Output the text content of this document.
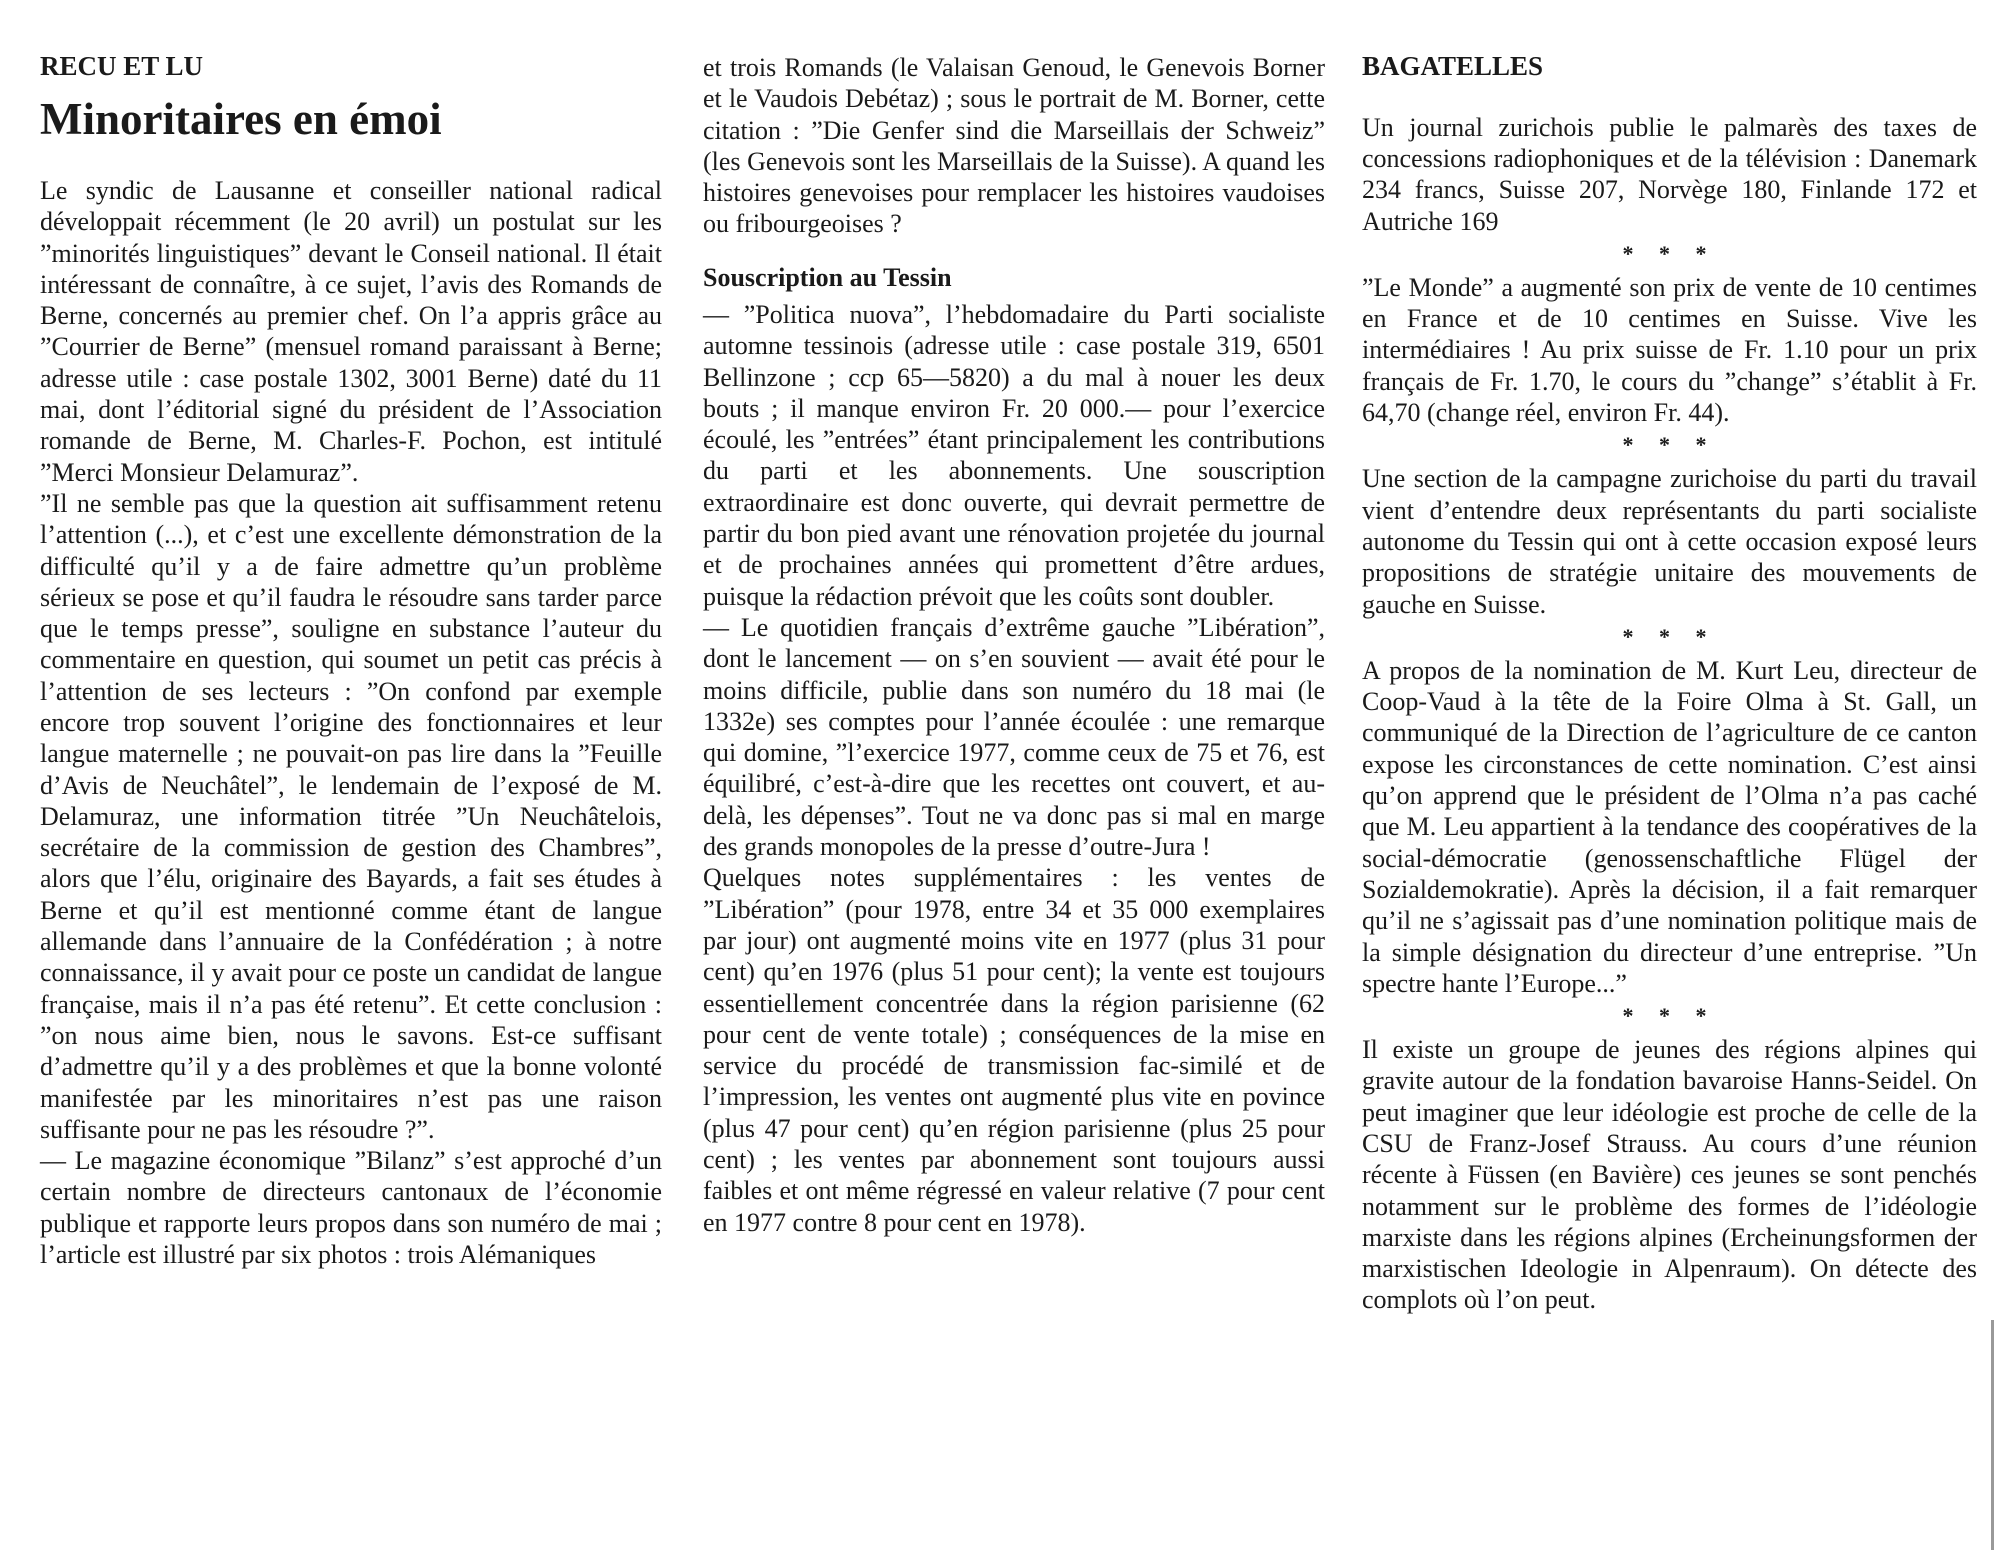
RECU ET LU
Minoritaires en émoi

Le syndic de Lausanne et conseiller national radical développait récemment (le 20 avril) un postulat sur les ”minorités linguistiques” devant le Conseil national. Il était intéressant de connaître, à ce sujet, l’avis des Romands de Berne, concernés au premier chef. On l’a appris grâce au ”Courrier de Berne” (mensuel romand paraissant à Berne; adresse utile : case postale 1302, 3001 Berne) daté du 11 mai, dont l’éditorial signé du président de l’Association romande de Berne, M. Charles-F. Pochon, est intitulé ”Merci Monsieur Delamuraz”.

”Il ne semble pas que la question ait suffisamment retenu l’attention (...), et c’est une excellente démonstration de la difficulté qu’il y a de faire admettre qu’un problème sérieux se pose et qu’il faudra le résoudre sans tarder parce que le temps presse”, souligne en substance l’auteur du commentaire en question, qui soumet un petit cas précis à l’attention de ses lecteurs : ”On confond par exemple encore trop souvent l’origine des fonctionnaires et leur langue maternelle ; ne pouvait-on pas lire dans la ”Feuille d’Avis de Neuchâtel”, le lendemain de l’exposé de M. Delamuraz, une information titrée ”Un Neuchâtelois, secrétaire de la commission de gestion des Chambres”, alors que l’élu, originaire des Bayards, a fait ses études à Berne et qu’il est mentionné comme étant de langue allemande dans l’annuaire de la Confédération ; à notre connaissance, il y avait pour ce poste un candidat de langue française, mais il n’a pas été retenu”. Et cette conclusion : ”on nous aime bien, nous le savons. Est-ce suffisant d’admettre qu’il y a des problèmes et que la bonne volonté manifestée par les minoritaires n’est pas une raison suffisante pour ne pas les résoudre ?”.

— Le magazine économique ”Bilanz” s’est approché d’un certain nombre de directeurs cantonaux de l’économie publique et rapporte leurs propos dans son numéro de mai ; l’article est illustré par six photos : trois Alémaniques

et trois Romands (le Valaisan Genoud, le Genevois Borner et le Vaudois Debétaz) ; sous le portrait de M. Borner, cette citation : ”Die Genfer sind die Marseillais der Schweiz” (les Genevois sont les Marseillais de la Suisse). A quand les histoires genevoises pour remplacer les histoires vaudoises ou fribourgeoises ?

Souscription au Tessin

— ”Politica nuova”, l’hebdomadaire du Parti socialiste automne tessinois (adresse utile : case postale 319, 6501 Bellinzone ; ccp 65—5820) a du mal à nouer les deux bouts ; il manque environ Fr. 20 000.— pour l’exercice écoulé, les ”entrées” étant principalement les contributions du parti et les abonnements. Une souscription extraordinaire est donc ouverte, qui devrait permettre de partir du bon pied avant une rénovation projetée du journal et de prochaines années qui promettent d’être ardues, puisque la rédaction prévoit que les coûts sont doubler.

— Le quotidien français d’extrême gauche ”Libération”, dont le lancement — on s’en souvient — avait été pour le moins difficile, publie dans son numéro du 18 mai (le 1332e) ses comptes pour l’année écoulée : une remarque qui domine, ”l’exercice 1977, comme ceux de 75 et 76, est équilibré, c’est-à-dire que les recettes ont couvert, et au-delà, les dépenses”. Tout ne va donc pas si mal en marge des grands monopoles de la presse d’outre-Jura !

Quelques notes supplémentaires : les ventes de ”Libération” (pour 1978, entre 34 et 35 000 exemplaires par jour) ont augmenté moins vite en 1977 (plus 31 pour cent) qu’en 1976 (plus 51 pour cent); la vente est toujours essentiellement concentrée dans la région parisienne (62 pour cent de vente totale) ; conséquences de la mise en service du procédé de transmission fac-similé et de l’impression, les ventes ont augmenté plus vite en povince (plus 47 pour cent) qu’en région parisienne (plus 25 pour cent) ; les ventes par abonnement sont toujours aussi faibles et ont même régressé en valeur relative (7 pour cent en 1977 contre 8 pour cent en 1978).

BAGATELLES

Un journal zurichois publie le palmarès des taxes de concessions radiophoniques et de la télévision : Danemark 234 francs, Suisse 207, Norvège 180, Finlande 172 et Autriche 169

* * *

”Le Monde” a augmenté son prix de vente de 10 centimes en France et de 10 centimes en Suisse. Vive les intermédiaires ! Au prix suisse de Fr. 1.10 pour un prix français de Fr. 1.70, le cours du ”change” s’établit à Fr. 64,70 (change réel, environ Fr. 44).

* * *

Une section de la campagne zurichoise du parti du travail vient d’entendre deux représentants du parti socialiste autonome du Tessin qui ont à cette occasion exposé leurs propositions de stratégie unitaire des mouvements de gauche en Suisse.

* * *

A propos de la nomination de M. Kurt Leu, directeur de Coop-Vaud à la tête de la Foire Olma à St. Gall, un communiqué de la Direction de l’agriculture de ce canton expose les circonstances de cette nomination. C’est ainsi qu’on apprend que le président de l’Olma n’a pas caché que M. Leu appartient à la tendance des coopératives de la social-démocratie (genossenschaftliche Flügel der Sozialdemokratie). Après la décision, il a fait remarquer qu’il ne s’agissait pas d’une nomination politique mais de la simple désignation du directeur d’une entreprise. ”Un spectre hante l’Europe...”

* * *

Il existe un groupe de jeunes des régions alpines qui gravite autour de la fondation bavaroise Hanns-Seidel. On peut imaginer que leur idéologie est proche de celle de la CSU de Franz-Josef Strauss. Au cours d’une réunion récente à Füssen (en Bavière) ces jeunes se sont penchés notamment sur le problème des formes de l’idéologie marxiste dans les régions alpines (Ercheinungsformen der marxistischen Ideologie in Alpenraum). On détecte des complots où l’on peut.
